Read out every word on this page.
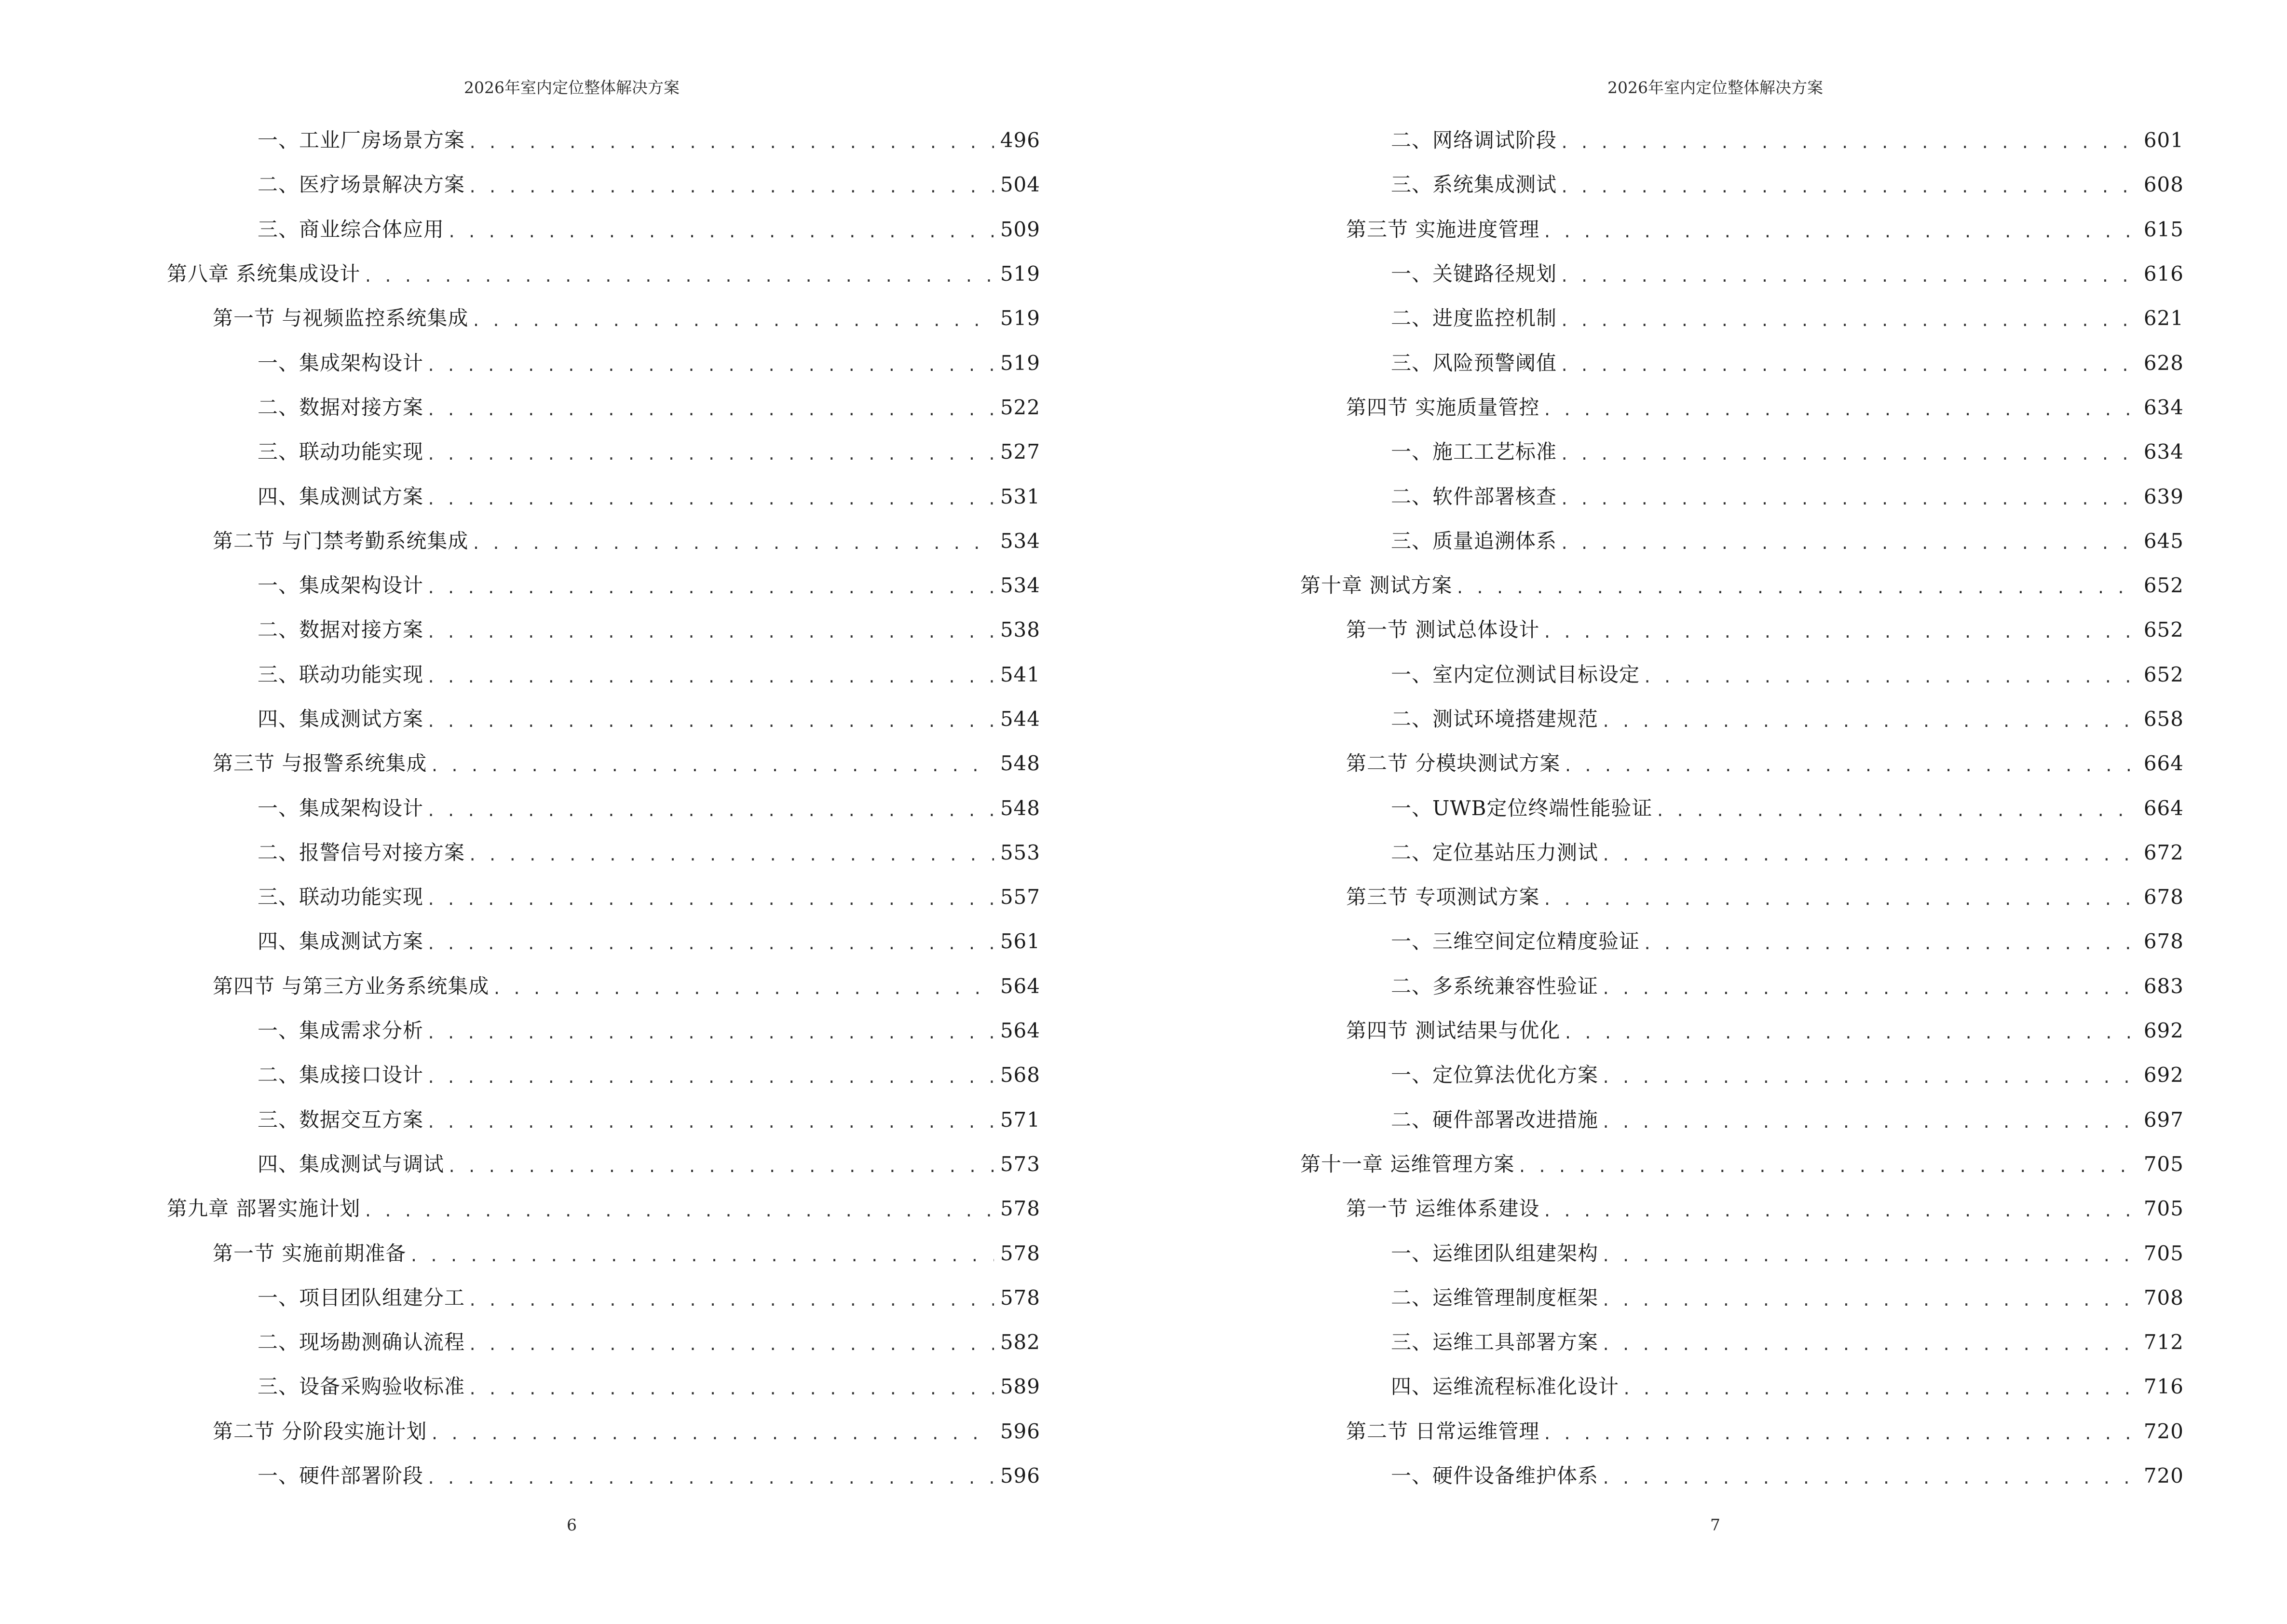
2026年室内定位整体解决方案
一、工业厂房场景方案 . . .	496
二、医疗场景解决方案 . . .	504
三、商业综合体应用 . . .	509
第八章 系统集成设计 . . .	519
第一节 与视频监控系统集成 . . .	519
一、集成架构设计 . . .	519
二、数据对接方案 . . .	522
三、联动功能实现 . . .	527
四、集成测试方案 . . .	531
第二节 与门禁考勤系统集成 . . .	534
一、集成架构设计 . . .	534
二、数据对接方案 . . .	538
三、联动功能实现 . . .	541
四、集成测试方案 . . .	544
第三节 与报警系统集成 . . .	548
一、集成架构设计 . . .	548
二、报警信号对接方案 . . .	553
三、联动功能实现 . . .	557
四、集成测试方案 . . .	561
第四节 与第三方业务系统集成 . . .	564
一、集成需求分析 . . .	564
二、集成接口设计 . . .	568
三、数据交互方案 . . .	571
四、集成测试与调试 . . .	573
第九章 部署实施计划 . . .	578
第一节 实施前期准备 . . .	578
一、项目团队组建分工 . . .	578
二、现场勘测确认流程 . . .	582
三、设备采购验收标准 . . .	589
第二节 分阶段实施计划 . . .	596
一、硬件部署阶段 . . .	596
6
2026年室内定位整体解决方案
二、网络调试阶段 . . .	601
三、系统集成测试 . . .	608
第三节 实施进度管理 . . .	615
一、关键路径规划 . . .	616
二、进度监控机制 . . .	621
三、风险预警阈值 . . .	628
第四节 实施质量管控 . . .	634
一、施工工艺标准 . . .	634
二、软件部署核查 . . .	639
三、质量追溯体系 . . .	645
第十章 测试方案 . . .	652
第一节 测试总体设计 . . .	652
一、室内定位测试目标设定 . . .	652
二、测试环境搭建规范 . . .	658
第二节 分模块测试方案 . . .	664
一、UWB定位终端性能验证 . . .	664
二、定位基站压力测试 . . .	672
第三节 专项测试方案 . . .	678
一、三维空间定位精度验证 . . .	678
二、多系统兼容性验证 . . .	683
第四节 测试结果与优化 . . .	692
一、定位算法优化方案 . . .	692
二、硬件部署改进措施 . . .	697
第十一章 运维管理方案 . . .	705
第一节 运维体系建设 . . .	705
一、运维团队组建架构 . . .	705
二、运维管理制度框架 . . .	708
三、运维工具部署方案 . . .	712
四、运维流程标准化设计 . . .	716
第二节 日常运维管理 . . .	720
一、硬件设备维护体系 . . .	720
7
